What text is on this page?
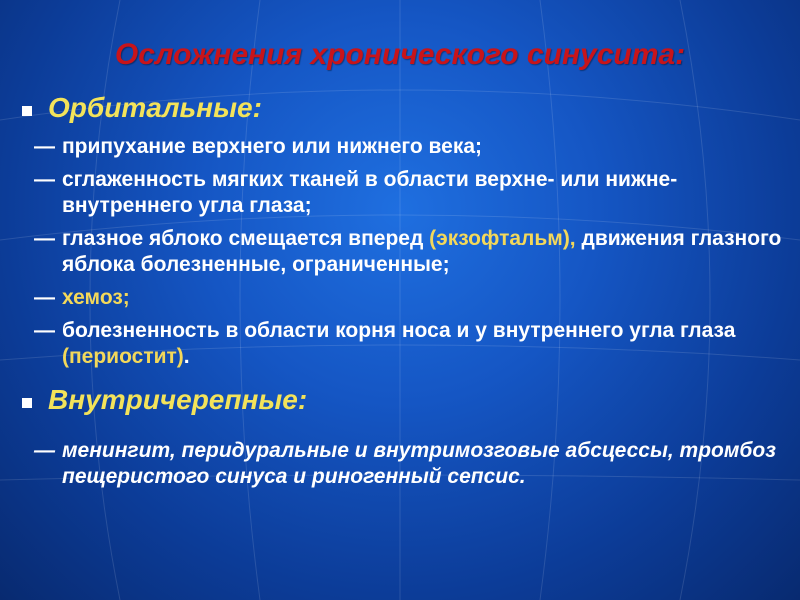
Осложнения хронического синусита:
Орбитальные:

— припухание верхнего или нижнего века;

— сглаженность мягких тканей в области верхне- или нижне-внутреннего угла глаза;

— глазное яблоко смещается вперед (экзофтальм), движения глазного яблока болезненные, ограниченные;

— хемоз;

— болезненность в области корня носа и у внутреннего угла глаза (периостит).

Внутричерепные:

— менингит, перидуральные и внутримозговые абсцессы, тромбоз пещеристого синуса и риногенный сепсис.
